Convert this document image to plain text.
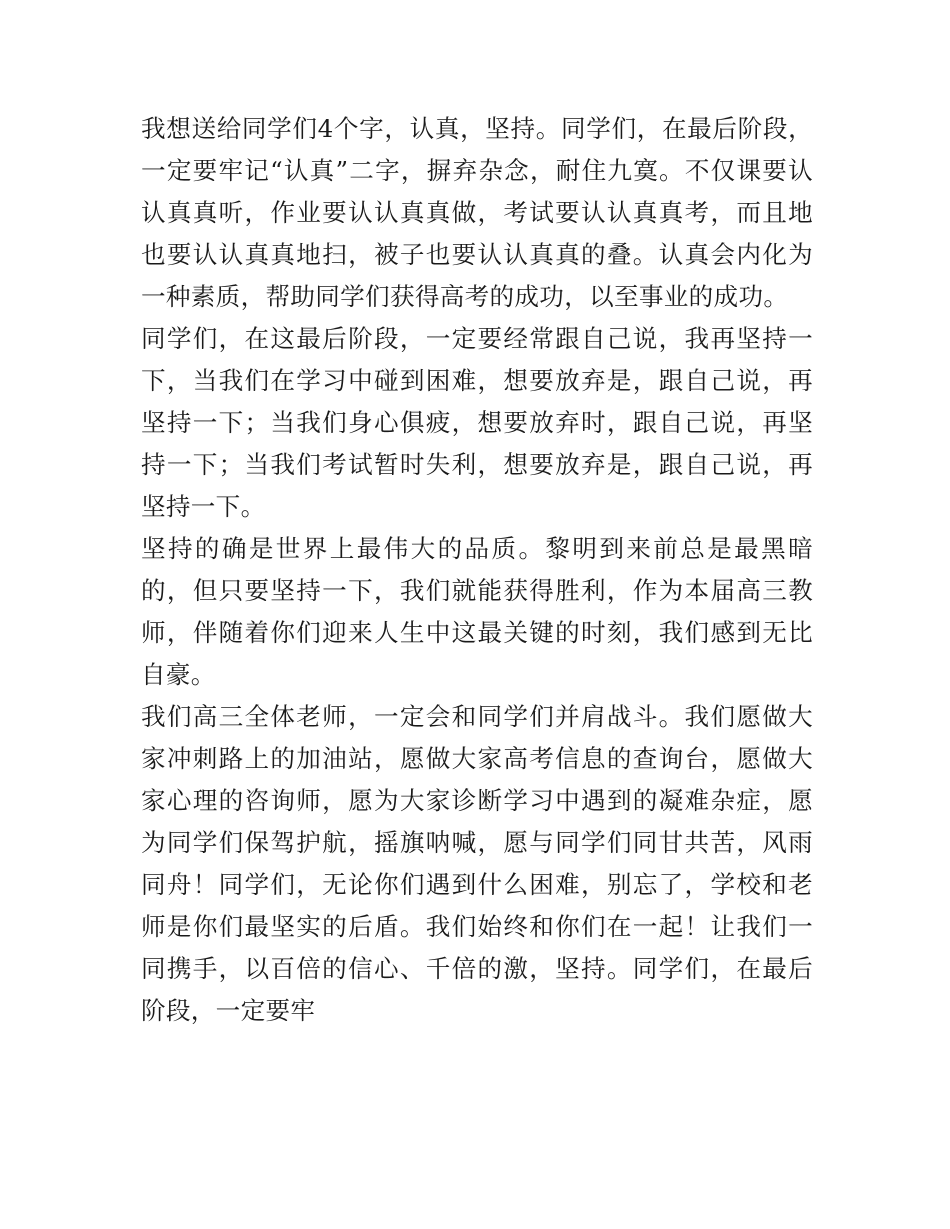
我想送给同学们4个字，认真，坚持。同学们，在最后阶段，一定要牢记“认真”二字，摒弃杂念，耐住九寞。不仅课要认认真真听，作业要认认真真做，考试要认认真真考，而且地也要认认真真地扫，被子也要认认真真的叠。认真会内化为一种素质，帮助同学们获得高考的成功，以至事业的成功。

同学们，在这最后阶段，一定要经常跟自己说，我再坚持一下，当我们在学习中碰到困难，想要放弃是，跟自己说，再坚持一下；当我们身心俱疲，想要放弃时，跟自己说，再坚持一下；当我们考试暂时失利，想要放弃是，跟自己说，再坚持一下。

坚持的确是世界上最伟大的品质。黎明到来前总是最黑暗的，但只要坚持一下，我们就能获得胜利，作为本届高三教师，伴随着你们迎来人生中这最关键的时刻，我们感到无比自豪。

我们高三全体老师，一定会和同学们并肩战斗。我们愿做大家冲刺路上的加油站，愿做大家高考信息的查询台，愿做大家心理的咨询师，愿为大家诊断学习中遇到的凝难杂症，愿为同学们保驾护航，摇旗呐喊，愿与同学们同甘共苦，风雨同舟！同学们，无论你们遇到什么困难，别忘了，学校和老师是你们最坚实的后盾。我们始终和你们在一起！让我们一同携手，以百倍的信心、千倍的激，坚持。同学们，在最后阶段，一定要牢
